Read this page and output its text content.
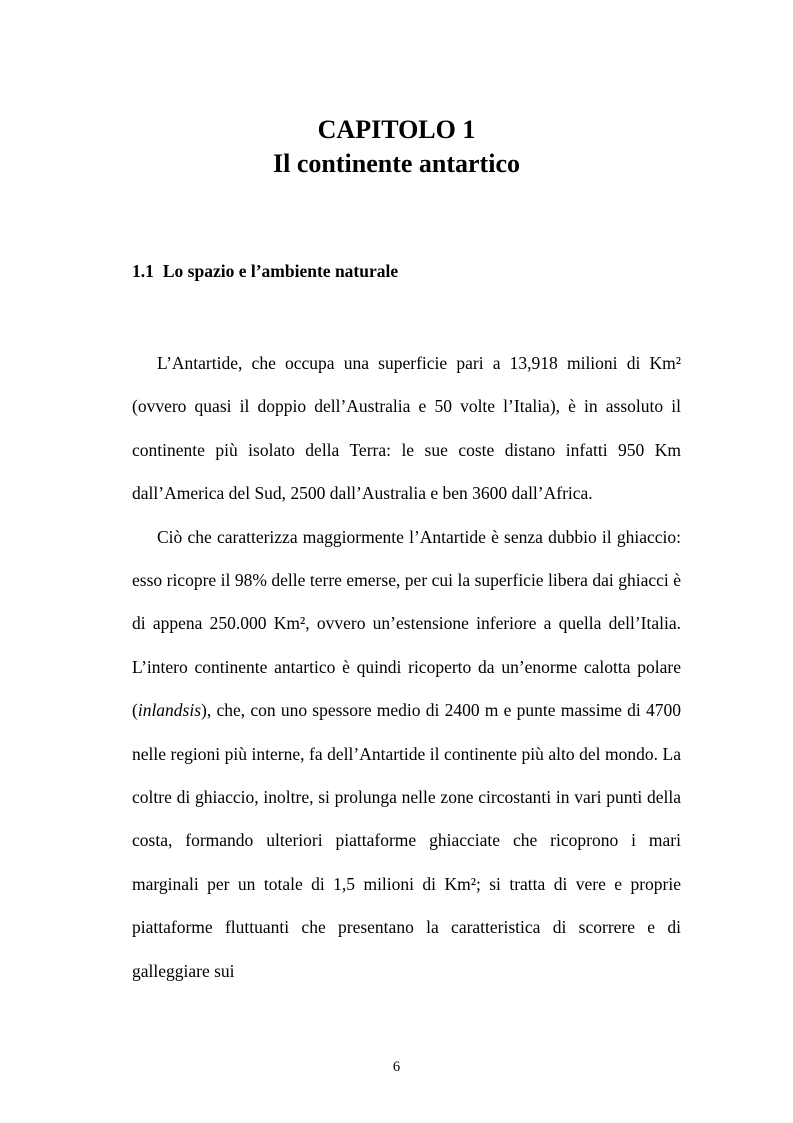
CAPITOLO 1
Il continente antartico
1.1 Lo spazio e l’ambiente naturale

L’Antartide, che occupa una superficie pari a 13,918 milioni di Km² (ovvero quasi il doppio dell’Australia e 50 volte l’Italia), è in assoluto il continente più isolato della Terra: le sue coste distano infatti 950 Km dall’America del Sud, 2500 dall’Australia e ben 3600 dall’Africa.

Ciò che caratterizza maggiormente l’Antartide è senza dubbio il ghiaccio: esso ricopre il 98% delle terre emerse, per cui la superficie libera dai ghiacci è di appena 250.000 Km², ovvero un’estensione inferiore a quella dell’Italia. L’intero continente antartico è quindi ricoperto da un’enorme calotta polare (inlandsis), che, con uno spessore medio di 2400 m e punte massime di 4700 nelle regioni più interne, fa dell’Antartide il continente più alto del mondo. La coltre di ghiaccio, inoltre, si prolunga nelle zone circostanti in vari punti della costa, formando ulteriori piattaforme ghiacciate che ricoprono i mari marginali per un totale di 1,5 milioni di Km²; si tratta di vere e proprie piattaforme fluttuanti che presentano la caratteristica di scorrere e di galleggiare sui

6
